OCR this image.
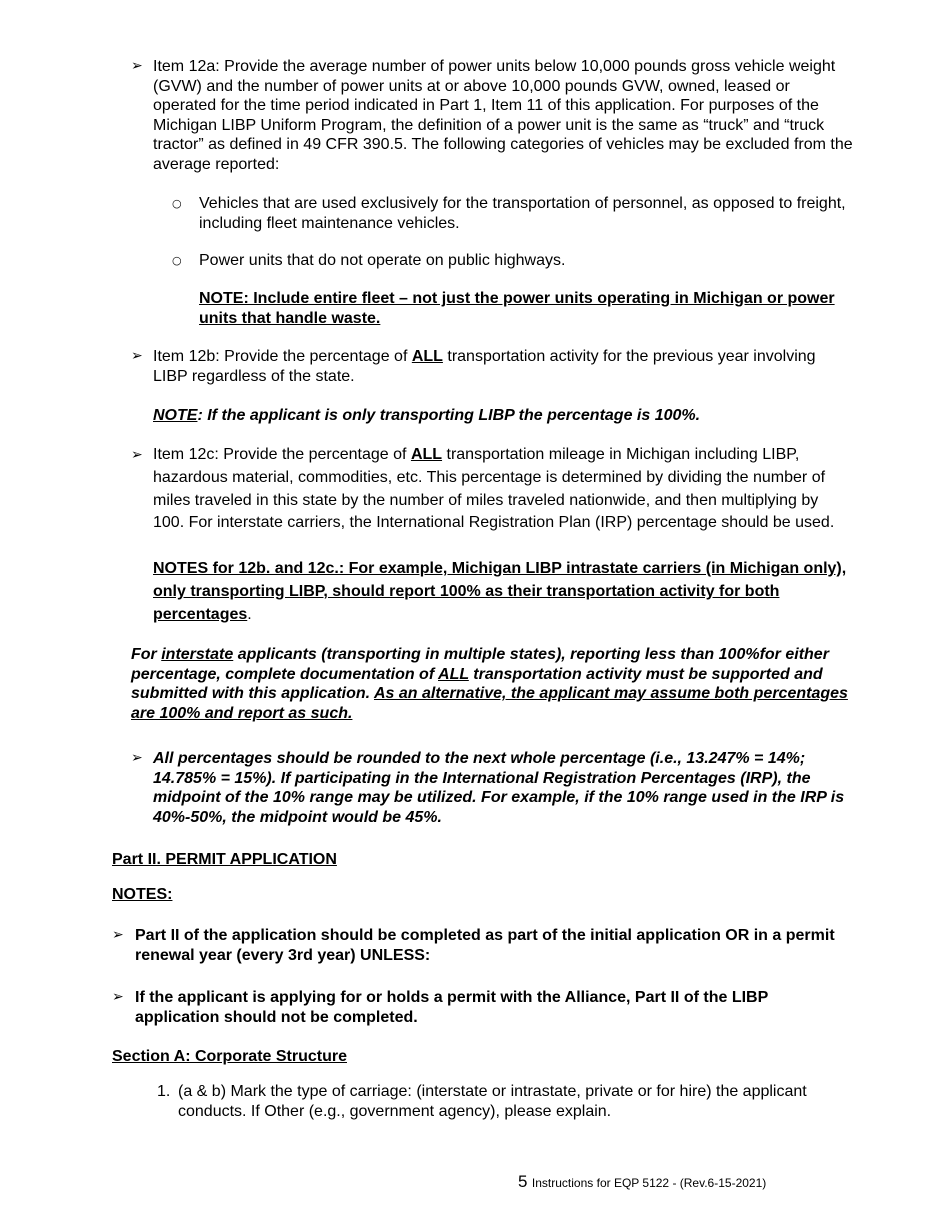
➢ Item 12a: Provide the average number of power units below 10,000 pounds gross vehicle weight (GVW) and the number of power units at or above 10,000 pounds GVW, owned, leased or operated for the time period indicated in Part 1, Item 11 of this application. For purposes of the Michigan LIBP Uniform Program, the definition of a power unit is the same as “truck” and “truck tractor” as defined in 49 CFR 390.5. The following categories of vehicles may be excluded from the average reported:
○ Vehicles that are used exclusively for the transportation of personnel, as opposed to freight, including fleet maintenance vehicles.
○ Power units that do not operate on public highways.
NOTE: Include entire fleet – not just the power units operating in Michigan or power units that handle waste.
➢ Item 12b: Provide the percentage of ALL transportation activity for the previous year involving LIBP regardless of the state.
NOTE: If the applicant is only transporting LIBP the percentage is 100%.
➢ Item 12c: Provide the percentage of ALL transportation mileage in Michigan including LIBP, hazardous material, commodities, etc. This percentage is determined by dividing the number of miles traveled in this state by the number of miles traveled nationwide, and then multiplying by 100. For interstate carriers, the International Registration Plan (IRP) percentage should be used.
NOTES for 12b. and 12c.: For example, Michigan LIBP intrastate carriers (in Michigan only), only transporting LIBP, should report 100% as their transportation activity for both percentages.
For interstate applicants (transporting in multiple states), reporting less than 100%for either percentage, complete documentation of ALL transportation activity must be supported and submitted with this application. As an alternative, the applicant may assume both percentages are 100% and report as such.
➢ All percentages should be rounded to the next whole percentage (i.e., 13.247% = 14%; 14.785% = 15%). If participating in the International Registration Percentages (IRP), the midpoint of the 10% range may be utilized. For example, if the 10% range used in the IRP is 40%-50%, the midpoint would be 45%.
Part II. PERMIT APPLICATION
NOTES:
➢ Part II of the application should be completed as part of the initial application OR in a permit renewal year (every 3rd year) UNLESS:
➢ If the applicant is applying for or holds a permit with the Alliance, Part II of the LIBP application should not be completed.
Section A: Corporate Structure
1. (a & b) Mark the type of carriage: (interstate or intrastate, private or for hire) the applicant conducts. If Other (e.g., government agency), please explain.
5 Instructions for EQP 5122 - (Rev.6-15-2021)
